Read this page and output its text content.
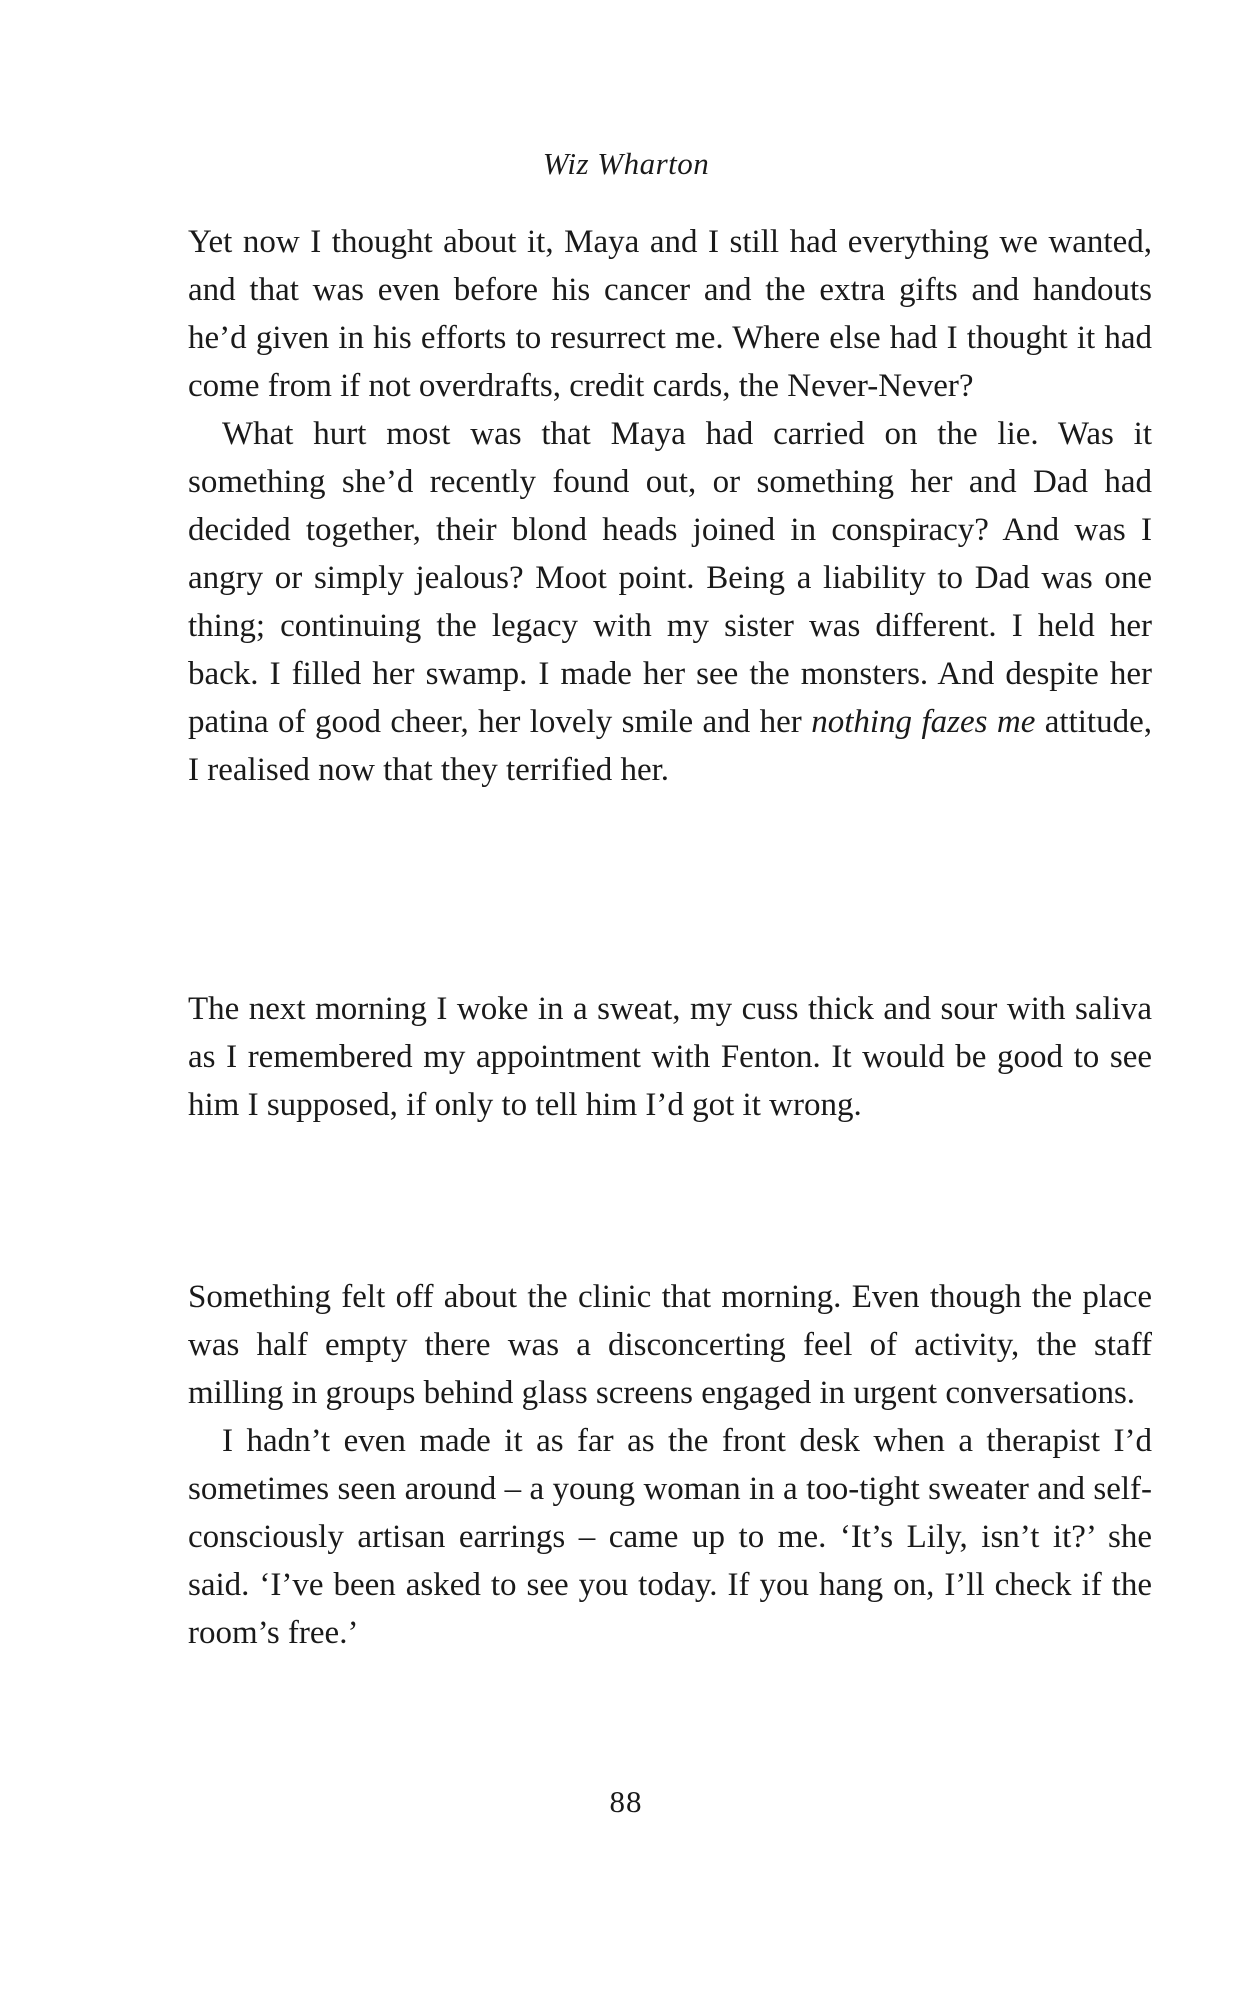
Wiz Wharton

Yet now I thought about it, Maya and I still had everything we wanted, and that was even before his cancer and the extra gifts and handouts he’d given in his efforts to resurrect me. Where else had I thought it had come from if not overdrafts, credit cards, the Never-Never?

What hurt most was that Maya had carried on the lie. Was it something she’d recently found out, or something her and Dad had decided together, their blond heads joined in conspiracy? And was I angry or simply jealous? Moot point. Being a liability to Dad was one thing; continuing the legacy with my sister was different. I held her back. I filled her swamp. I made her see the monsters. And despite her patina of good cheer, her lovely smile and her nothing fazes me attitude, I realised now that they terrified her.

The next morning I woke in a sweat, my cuss thick and sour with saliva as I remembered my appointment with Fenton. It would be good to see him I supposed, if only to tell him I’d got it wrong.

Something felt off about the clinic that morning. Even though the place was half empty there was a disconcerting feel of activity, the staff milling in groups behind glass screens engaged in urgent conversations.

I hadn’t even made it as far as the front desk when a therapist I’d sometimes seen around – a young woman in a too-tight sweater and self-consciously artisan earrings – came up to me. ‘It’s Lily, isn’t it?’ she said. ‘I’ve been asked to see you today. If you hang on, I’ll check if the room’s free.’

88
